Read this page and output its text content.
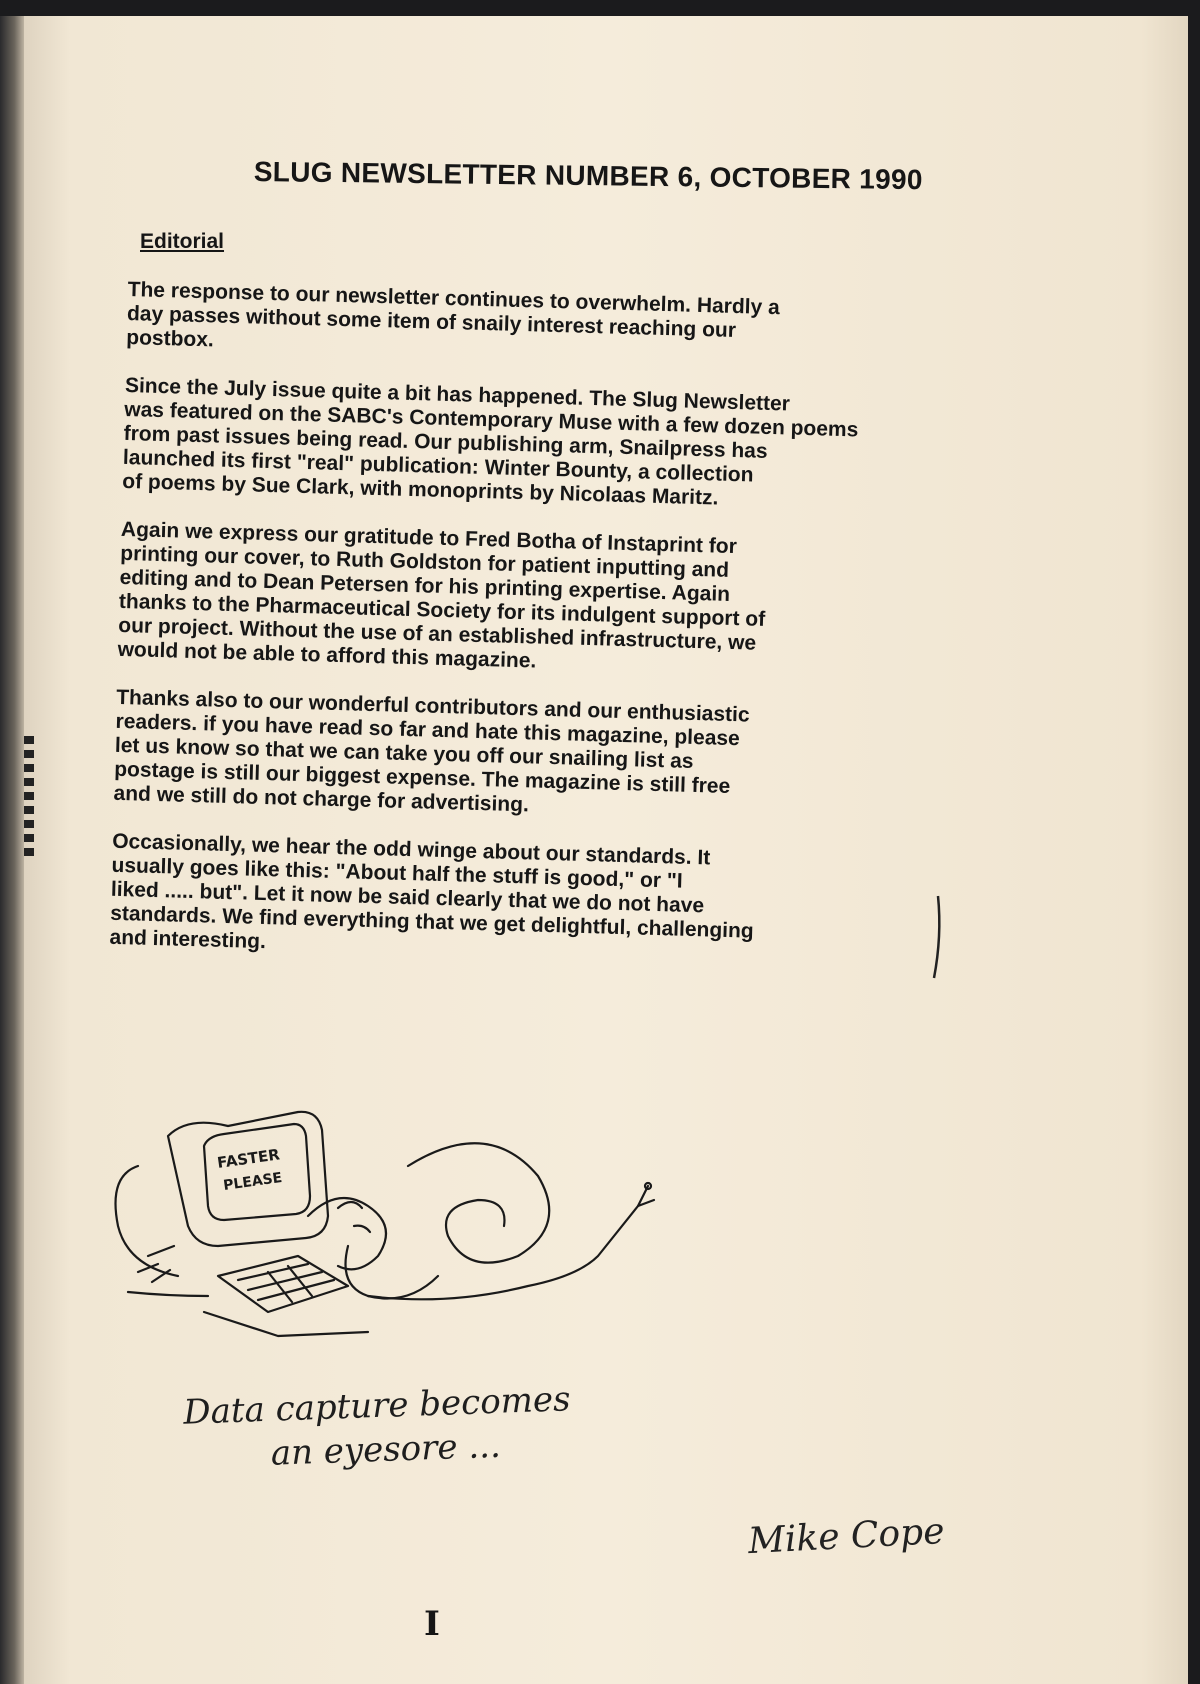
SLUG NEWSLETTER NUMBER 6, OCTOBER 1990
Editorial

The response to our newsletter continues to overwhelm. Hardly a
day passes without some item of snaily interest reaching our
postbox.

Since the July issue quite a bit has happened. The Slug Newsletter
was featured on the SABC's Contemporary Muse with a few dozen poems
from past issues being read. Our publishing arm, Snailpress has
launched its first "real" publication: Winter Bounty, a collection
of poems by Sue Clark, with monoprints by Nicolaas Maritz.

Again we express our gratitude to Fred Botha of Instaprint for
printing our cover, to Ruth Goldston for patient inputting and
editing and to Dean Petersen for his printing expertise. Again
thanks to the Pharmaceutical Society for its indulgent support of
our project. Without the use of an established infrastructure, we
would not be able to afford this magazine.

Thanks also to our wonderful contributors and our enthusiastic
readers. if you have read so far and hate this magazine, please
let us know so that we can take you off our snailing list as
postage is still our biggest expense. The magazine is still free
and we still do not charge for advertising.

Occasionally, we hear the odd winge about our standards. It
usually goes like this: "About half the stuff is good," or "I
liked ..... but". Let it now be said clearly that we do not have
standards. We find everything that we get delightful, challenging
and interesting.

FASTER
PLEASE
Data capture becomes
an eyesore ...
Mike Cope
I
